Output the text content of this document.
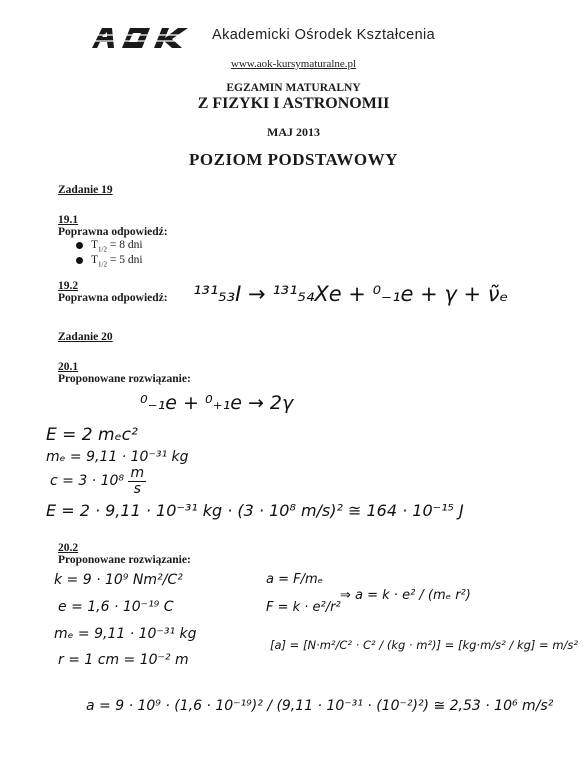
Akademicki Ośrodek Kształcenia
www.aok-kursymaturalne.pl
EGZAMIN MATURALNY
Z FIZYKI I ASTRONOMII
MAJ 2013
POZIOM PODSTAWOWY
Zadanie 19
19.1
Poprawna odpowiedź:
$T_{1/2} = 8$ dni
$T_{1/2} = 5$ dni
19.2
Poprawna odpowiedź: ¹³¹₅₃I → ¹³¹₅₄Xe + ⁰₋₁e + γ + ν̃ₑ
Zadanie 20
20.1
Proponowane rozwiązanie:
⁰₋₁e + ⁰₊₁e → 2γ
E = 2 mₑc²
mₑ = 9,11 · 10⁻³¹ kg
$c = 3 \cdot 10^8 \frac{m}{s}$
E = 2 · 9,11 · 10⁻³¹ kg · (3 · 10⁸ m/s)² ≅ 164 · 10⁻¹⁵ J
20.2
Proponowane rozwiązanie:
k = 9 · 10⁹ Nm²/C²
e = 1,6 · 10⁻¹⁹ C
mₑ = 9,11 · 10⁻³¹ kg
r = 1 cm = 10⁻² m
a = F/mₑ
F = k · e²/r²
⇒ a = k · e² / (mₑ r²)
[a] = [N·m²/C² · C² / (kg · m²)] = [kg·m/s² / kg] = m/s²
a = 9 · 10⁹ · (1,6 · 10⁻¹⁹)² / (9,11 · 10⁻³¹ · (10⁻²)²) ≅ 2,53 · 10⁶ m/s²
